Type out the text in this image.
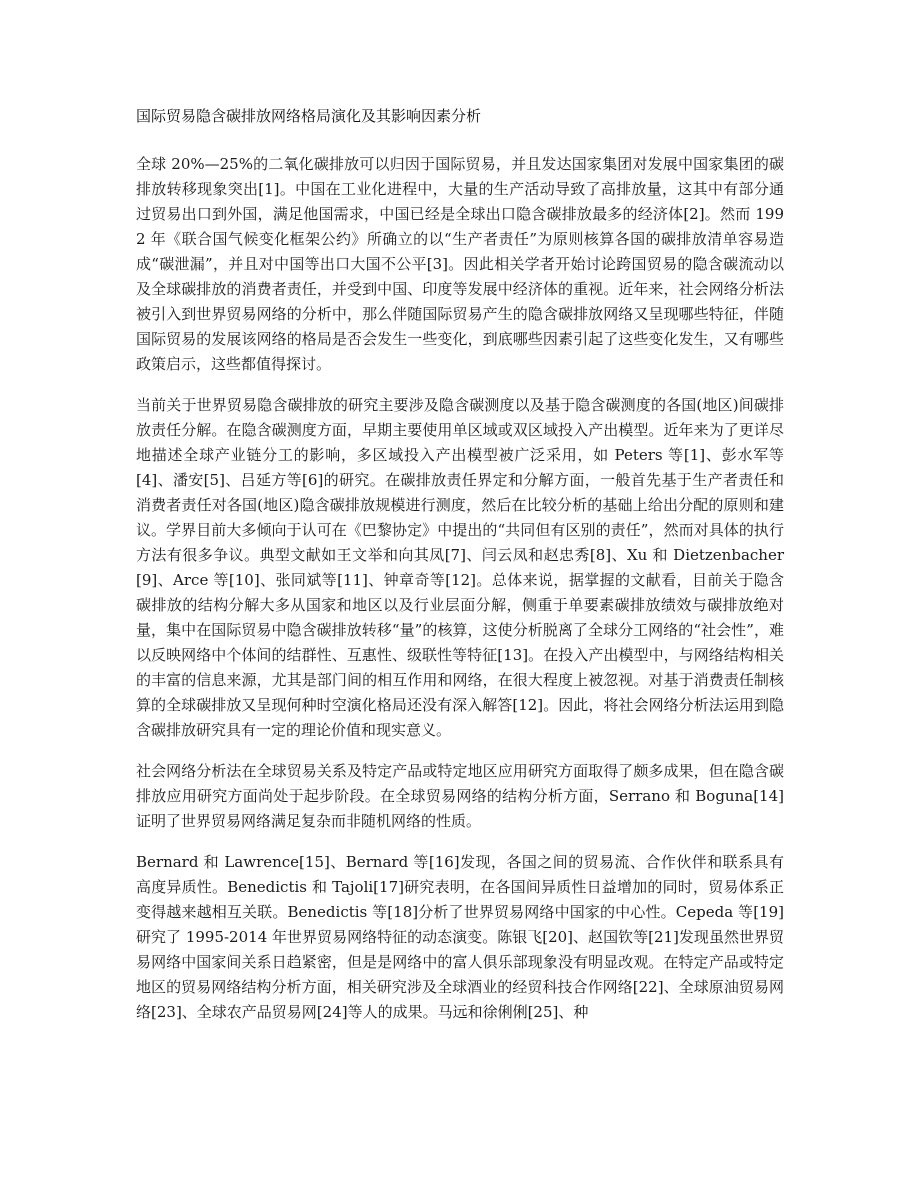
国际贸易隐含碳排放网络格局演化及其影响因素分析

全球 20%—25%的二氧化碳排放可以归因于国际贸易，并且发达国家集团对发展中国家集团的碳排放转移现象突出[1]。中国在工业化进程中，大量的生产活动导致了高排放量，这其中有部分通过贸易出口到外国，满足他国需求，中国已经是全球出口隐含碳排放最多的经济体[2]。然而 1992 年《联合国气候变化框架公约》所确立的以“生产者责任”为原则核算各国的碳排放清单容易造成“碳泄漏”，并且对中国等出口大国不公平[3]。因此相关学者开始讨论跨国贸易的隐含碳流动以及全球碳排放的消费者责任，并受到中国、印度等发展中经济体的重视。近年来，社会网络分析法被引入到世界贸易网络的分析中，那么伴随国际贸易产生的隐含碳排放网络又呈现哪些特征，伴随国际贸易的发展该网络的格局是否会发生一些变化，到底哪些因素引起了这些变化发生，又有哪些政策启示，这些都值得探讨。

当前关于世界贸易隐含碳排放的研究主要涉及隐含碳测度以及基于隐含碳测度的各国(地区)间碳排放责任分解。在隐含碳测度方面，早期主要使用单区域或双区域投入产出模型。近年来为了更详尽地描述全球产业链分工的影响，多区域投入产出模型被广泛采用，如 Peters 等[1]、彭水军等[4]、潘安[5]、吕延方等[6]的研究。在碳排放责任界定和分解方面，一般首先基于生产者责任和消费者责任对各国(地区)隐含碳排放规模进行测度，然后在比较分析的基础上给出分配的原则和建议。学界目前大多倾向于认可在《巴黎协定》中提出的“共同但有区别的责任”，然而对具体的执行方法有很多争议。典型文献如王文举和向其凤[7]、闫云凤和赵忠秀[8]、Xu 和 Dietzenbacher[9]、Arce 等[10]、张同斌等[11]、钟章奇等[12]。总体来说，据掌握的文献看，目前关于隐含碳排放的结构分解大多从国家和地区以及行业层面分解，侧重于单要素碳排放绩效与碳排放绝对量，集中在国际贸易中隐含碳排放转移“量”的核算，这使分析脱离了全球分工网络的“社会性”，难以反映网络中个体间的结群性、互惠性、级联性等特征[13]。在投入产出模型中，与网络结构相关的丰富的信息来源，尤其是部门间的相互作用和网络，在很大程度上被忽视。对基于消费责任制核算的全球碳排放又呈现何种时空演化格局还没有深入解答[12]。因此，将社会网络分析法运用到隐含碳排放研究具有一定的理论价值和现实意义。

社会网络分析法在全球贸易关系及特定产品或特定地区应用研究方面取得了颇多成果，但在隐含碳排放应用研究方面尚处于起步阶段。在全球贸易网络的结构分析方面，Serrano 和 Boguna[14]证明了世界贸易网络满足复杂而非随机网络的性质。

Bernard 和 Lawrence[15]、Bernard 等[16]发现，各国之间的贸易流、合作伙伴和联系具有高度异质性。Benedictis 和 Tajoli[17]研究表明，在各国间异质性日益增加的同时，贸易体系正变得越来越相互关联。Benedictis 等[18]分析了世界贸易网络中国家的中心性。Cepeda 等[19]研究了 1995-2014 年世界贸易网络特征的动态演变。陈银飞[20]、赵国钦等[21]发现虽然世界贸易网络中国家间关系日趋紧密，但是是网络中的富人俱乐部现象没有明显改观。在特定产品或特定地区的贸易网络结构分析方面，相关研究涉及全球酒业的经贸科技合作网络[22]、全球原油贸易网络[23]、全球农产品贸易网[24]等人的成果。马远和徐俐俐[25]、种
